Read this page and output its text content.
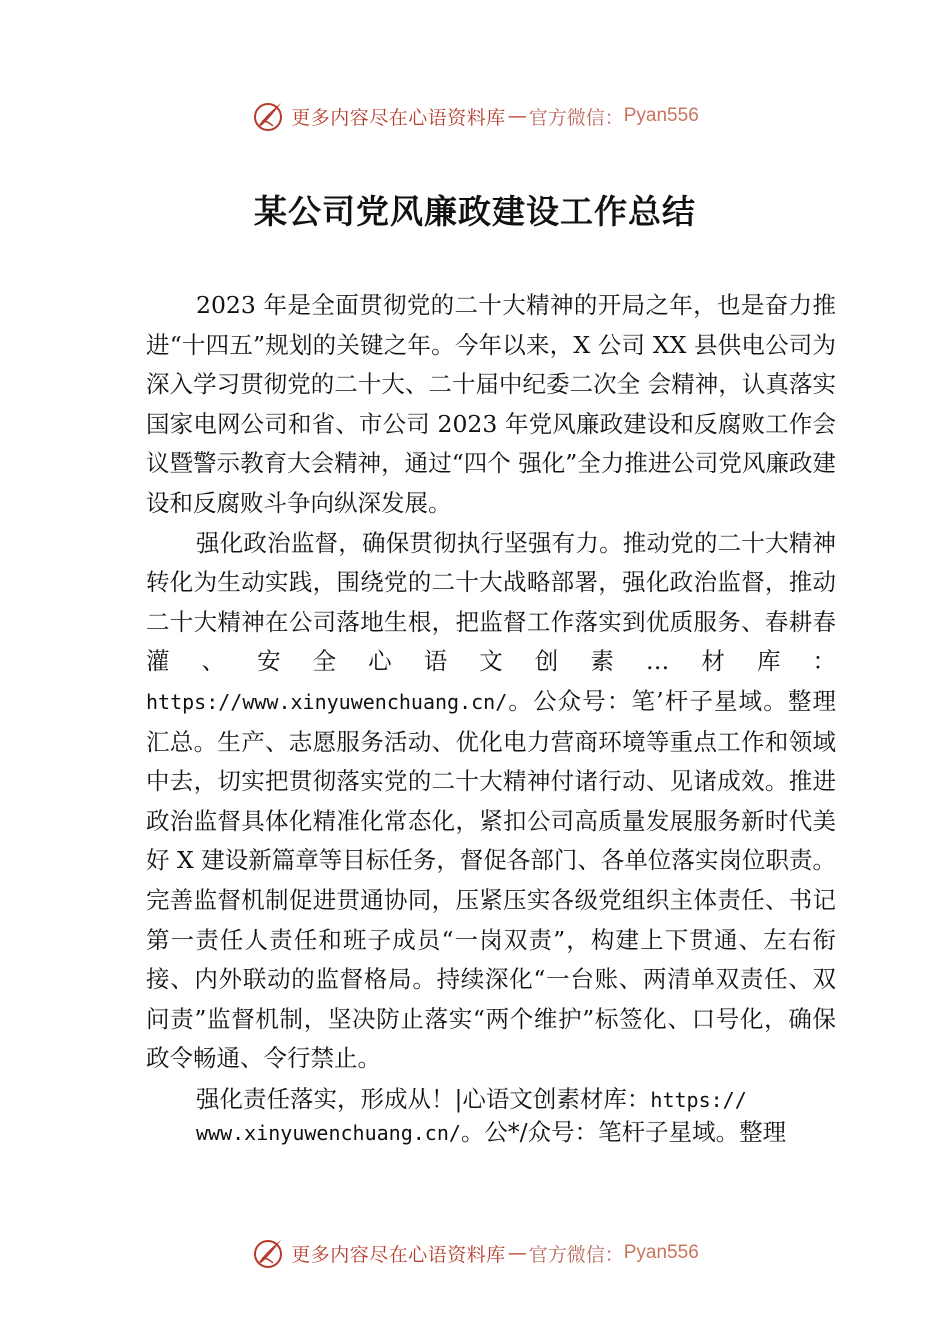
更多内容尽在心语资料库 — 官方微信： Pyan556
某公司党风廉政建设工作总结

2023 年是全面贯彻党的二十大精神的开局之年，也是奋力推进“十四五”规划的关键之年。今年以来，X 公司 XX 县供电公司为深入学习贯彻党的二十大、二十届中纪委二次全 会精神，认真落实国家电网公司和省、市公司 2023 年党风廉政建设和反腐败工作会议暨警示教育大会精神，通过“四个 强化”全力推进公司党风廉政建设和反腐败斗争向纵深发展。

强化政治监督，确保贯彻执行坚强有力。推动党的二十大精神转化为生动实践，围绕党的二十大战略部署，强化政治监督，推动二十大精神在公司落地生根，把监督工作落实到优质服务、春耕春灌、安全心语文创素…材库：https://www.xinyuwenchuang.cn/。公众号：笔’杆子星域。整理汇总。生产、志愿服务活动、优化电力营商环境等重点工作和领域中去，切实把贯彻落实党的二十大精神付诸行动、见诸成效。推进政治监督具体化精准化常态化，紧扣公司高质量发展服务新时代美好 X 建设新篇章等目标任务，督促各部门、各单位落实岗位职责。完善监督机制促进贯通协同，压紧压实各级党组织主体责任、书记第一责任人责任和班子成员“一岗双责”，构建上下贯通、左右衔接、内外联动的监督格局。持续深化“一台账、两清单双责任、双问责”监督机制，坚决防止落实“两个维护”标签化、口号化，确保政令畅通、令行禁止。

强化责任落实，形成从！|心语文创素材库：https://
www.xinyuwenchuang.cn/。公*/众号：笔杆子星域。整理
更多内容尽在心语资料库 — 官方微信： Pyan556
